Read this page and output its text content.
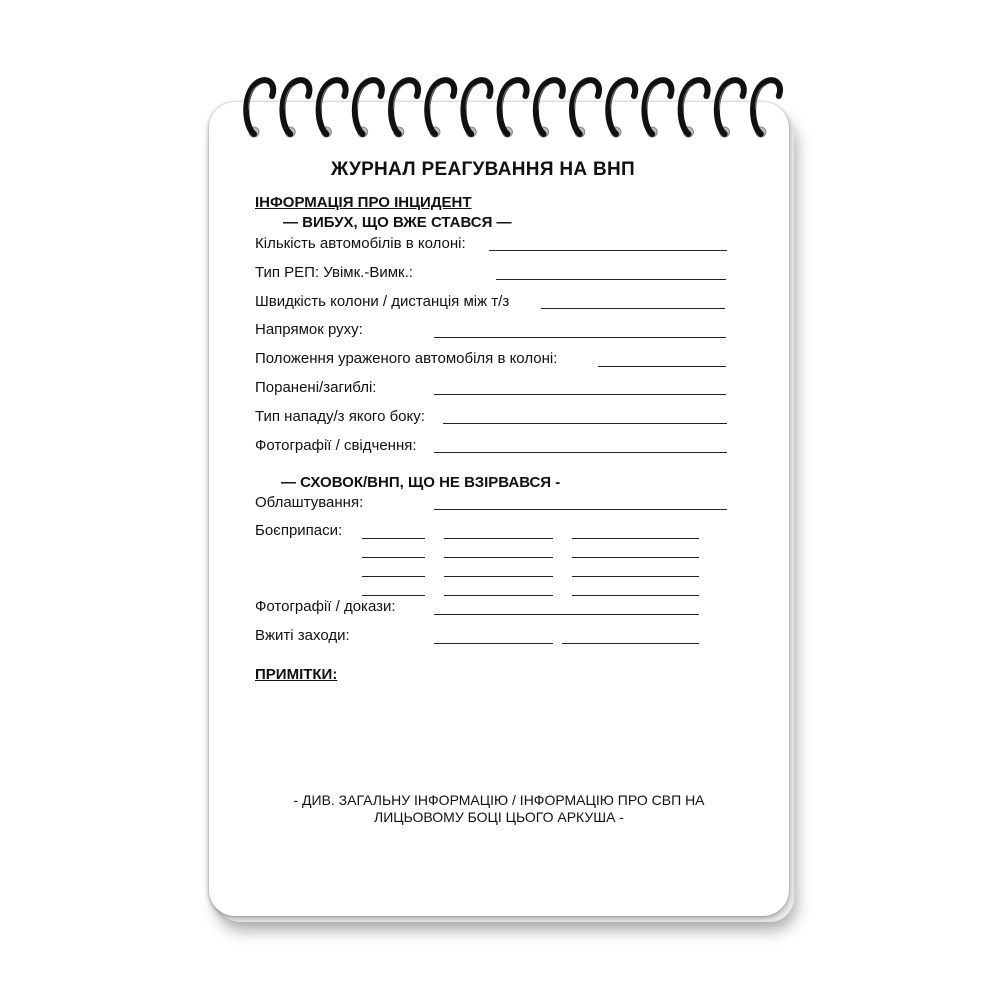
ЖУРНАЛ РЕАГУВАННЯ НА ВНП
ІНФОРМАЦІЯ ПРО ІНЦИДЕНТ
— ВИБУХ, ЩО ВЖЕ СТАВСЯ —
Кількість автомобілів в колоні:
Тип РЕП: Увімк.-Вимк.:
Швидкість колони / дистанція між т/з
Напрямок руху:
Положення ураженого автомобіля в колоні:
Поранені/загиблі:
Тип нападу/з якого боку:
Фотографії / свідчення:
— СХОВОК/ВНП, ЩО НЕ ВЗІРВАВСЯ -
Облаштування:
Боєприпаси:
Фотографії / докази:
Вжиті заходи:
ПРИМІТКИ:
- ДИВ. ЗАГАЛЬНУ ІНФОРМАЦІЮ / ІНФОРМАЦІЮ ПРО СВП НА
ЛИЦЬОВОМУ БОЦІ ЦЬОГО АРКУША -
